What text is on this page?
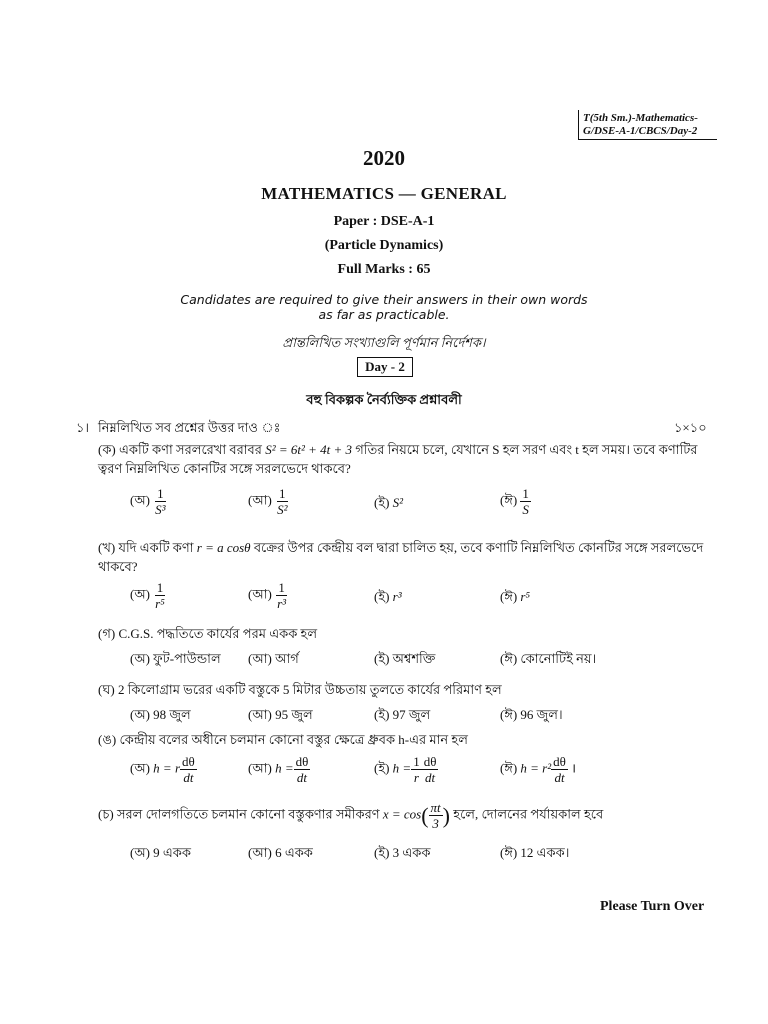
T(5th Sm.)-Mathematics-
G/DSE-A-1/CBCS/Day-2
2020
MATHEMATICS — GENERAL
Paper : DSE-A-1
(Particle Dynamics)
Full Marks : 65
Candidates are required to give their answers in their own words
as far as practicable.
প্রান্তলিখিত সংখ্যাগুলি পূর্ণমান নির্দেশক।
Day - 2
বহু বিকল্পক নৈর্ব্যক্তিক প্রশ্নাবলী
১। নিম্নলিখিত সব প্রশ্নের উত্তর দাও ঃ	১×১০
(ক) একটি কণা সরলরেখা বরাবর S² = 6t² + 4t + 3 গতির নিয়মে চলে, যেখানে S হল সরণ এবং t হল সময়। তবে কণাটির
ত্বরণ নিম্নলিখিত কোনটির সঙ্গে সরলভেদে থাকবে?
(অ) $\frac{1}{\text{S³}}$	(আ) $\frac{1}{\text{S²}}$	(ই) S²	(ঈ) $\frac{1}{S}$
(খ) যদি একটি কণা r = a cosθ বক্রের উপর কেন্দ্রীয় বল দ্বারা চালিত হয়, তবে কণাটি নিম্নলিখিত কোনটির সঙ্গে সরলভেদে
থাকবে?
(অ) $\frac{1}{\text{r⁵}}$	(আ) $\frac{1}{\text{r³}}$	(ই) r³	(ঈ) r⁵
(গ) C.G.S. পদ্ধতিতে কার্যের পরম একক হল
(অ) ফুট-পাউন্ডাল (আ) আর্গ	(ই) অশ্বশক্তি	(ঈ) কোনোটিই নয়।
(ঘ) 2 কিলোগ্রাম ভরের একটি বস্তুকে 5 মিটার উচ্চতায় তুলতে কার্যের পরিমাণ হল
(অ) 98 জুল	(আ) 95 জুল	(ই) 97 জুল	(ঈ) 96 জুল।
(ঙ) কেন্দ্রীয় বলের অধীনে চলমান কোনো বস্তুর ক্ষেত্রে ধ্রুবক h-এর মান হল
(অ) h = r $\frac{d\theta}{dt}$	(আ) $h = \frac{d\theta}{dt}$	(ই) $h = \frac{1}{r} \frac{d\theta}{dt}$	(ঈ) $h = r^2 \frac{d\theta}{dt}$ ।
(চ) সরল দোলগতিতে চলমান কোনো বস্তুকণার সমীকরণ $x = \cos( \frac{\pi t}{3}$ ) হলে, দোলনের পর্যায়কাল হবে
(অ) 9 একক	(আ) 6 একক	(ই) 3 একক	(ঈ) 12 একক।
Please Turn Over
